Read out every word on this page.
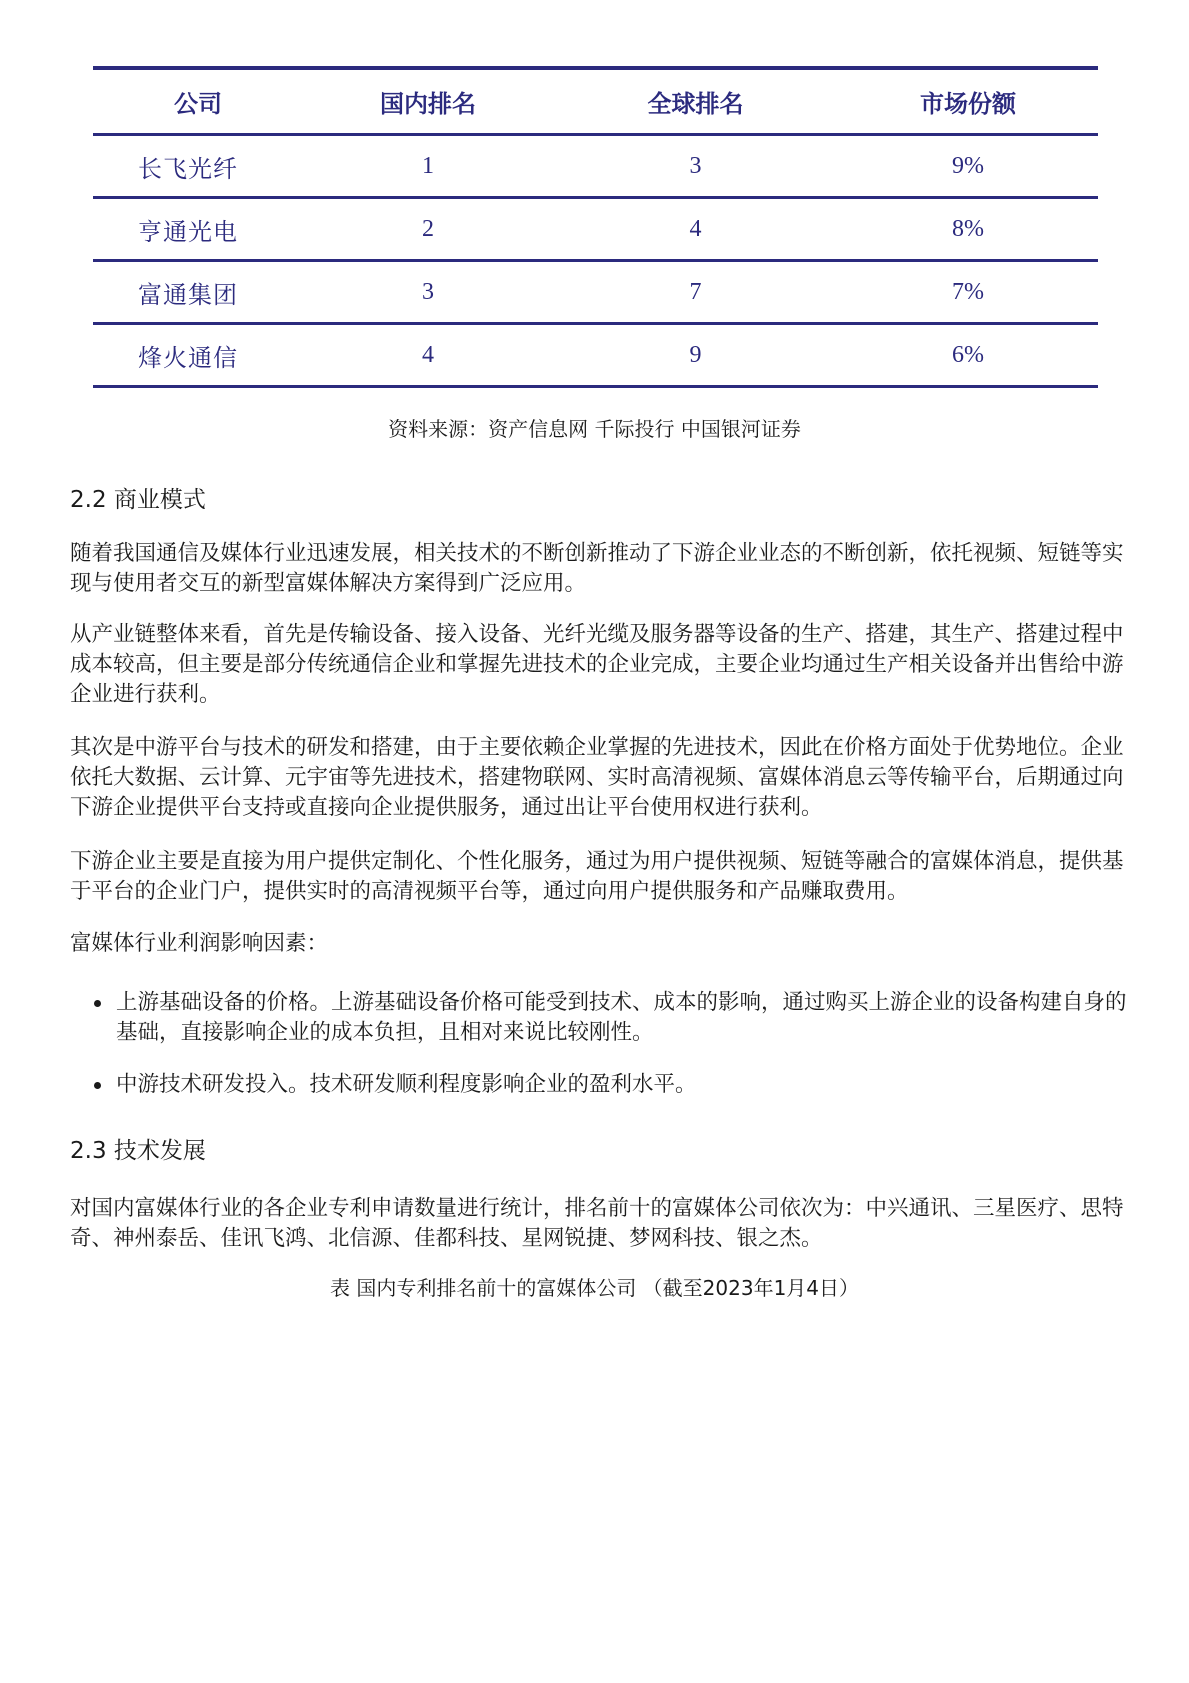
公司	国内排名	全球排名	市场份额
长飞光纤	1	3	9%
亨通光电	2	4	8%
富通集团	3	7	7%
烽火通信	4	9	6%
资料来源：资产信息网 千际投行 中国银河证券
2.2 商业模式

随着我国通信及媒体行业迅速发展，相关技术的不断创新推动了下游企业业态的不断创新，依托视频、短链等实现与使用者交互的新型富媒体解决方案得到广泛应用。

从产业链整体来看，首先是传输设备、接入设备、光纤光缆及服务器等设备的生产、搭建，其生产、搭建过程中成本较高，但主要是部分传统通信企业和掌握先进技术的企业完成，主要企业均通过生产相关设备并出售给中游企业进行获利。

其次是中游平台与技术的研发和搭建，由于主要依赖企业掌握的先进技术，因此在价格方面处于优势地位。企业依托大数据、云计算、元宇宙等先进技术，搭建物联网、实时高清视频、富媒体消息云等传输平台，后期通过向下游企业提供平台支持或直接向企业提供服务，通过出让平台使用权进行获利。

下游企业主要是直接为用户提供定制化、个性化服务，通过为用户提供视频、短链等融合的富媒体消息，提供基于平台的企业门户，提供实时的高清视频平台等，通过向用户提供服务和产品赚取费用。

富媒体行业利润影响因素：

上游基础设备的价格。上游基础设备价格可能受到技术、成本的影响，通过购买上游企业的设备构建自身的基础，直接影响企业的成本负担，且相对来说比较刚性。
中游技术研发投入。技术研发顺利程度影响企业的盈利水平。
2.3 技术发展

对国内富媒体行业的各企业专利申请数量进行统计，排名前十的富媒体公司依次为：中兴通讯、三星医疗、思特奇、神州泰岳、佳讯飞鸿、北信源、佳都科技、星网锐捷、梦网科技、银之杰。

表 国内专利排名前十的富媒体公司 （截至2023年1月4日）
